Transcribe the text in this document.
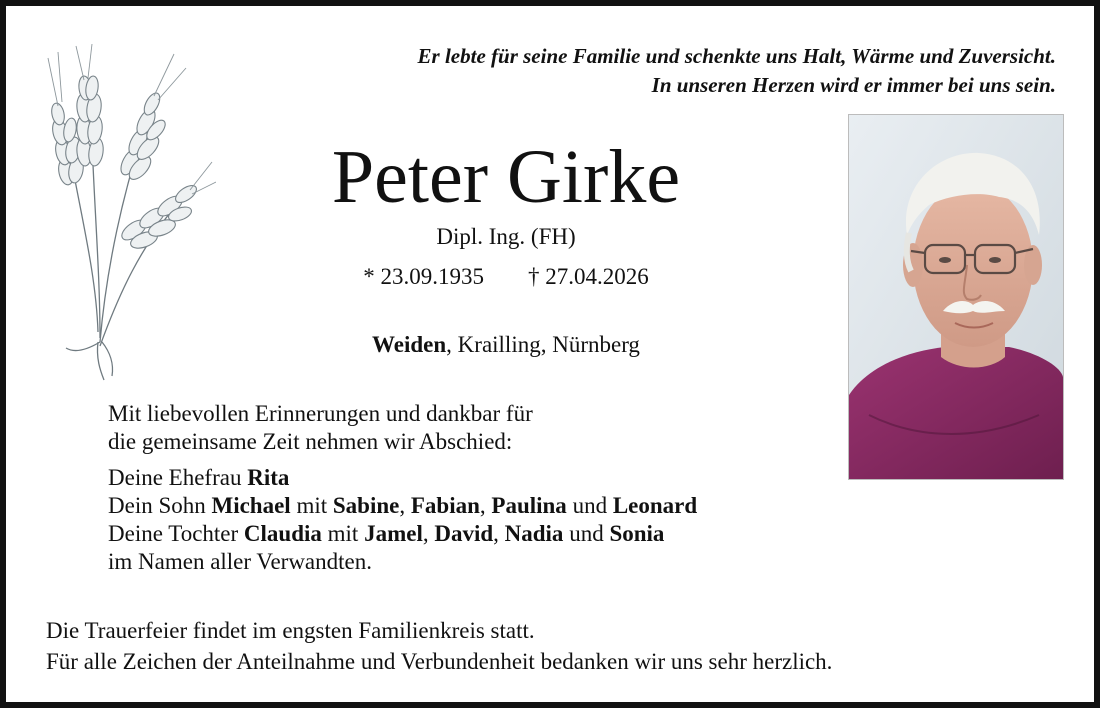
Er lebte für seine Familie und schenkte uns Halt, Wärme und Zuversicht.
In unseren Herzen wird er immer bei uns sein.
Peter Girke
Dipl. Ing. (FH)
* 23.09.1935 † 27.04.2026
Weiden, Krailling, Nürnberg
Mit liebevollen Erinnerungen und dankbar für
die gemeinsame Zeit nehmen wir Abschied:
Deine Ehefrau Rita
Dein Sohn Michael mit Sabine, Fabian, Paulina und Leonard
Deine Tochter Claudia mit Jamel, David, Nadia und Sonia
im Namen aller Verwandten.
Die Trauerfeier findet im engsten Familienkreis statt.
Für alle Zeichen der Anteilnahme und Verbundenheit bedanken wir uns sehr herzlich.
